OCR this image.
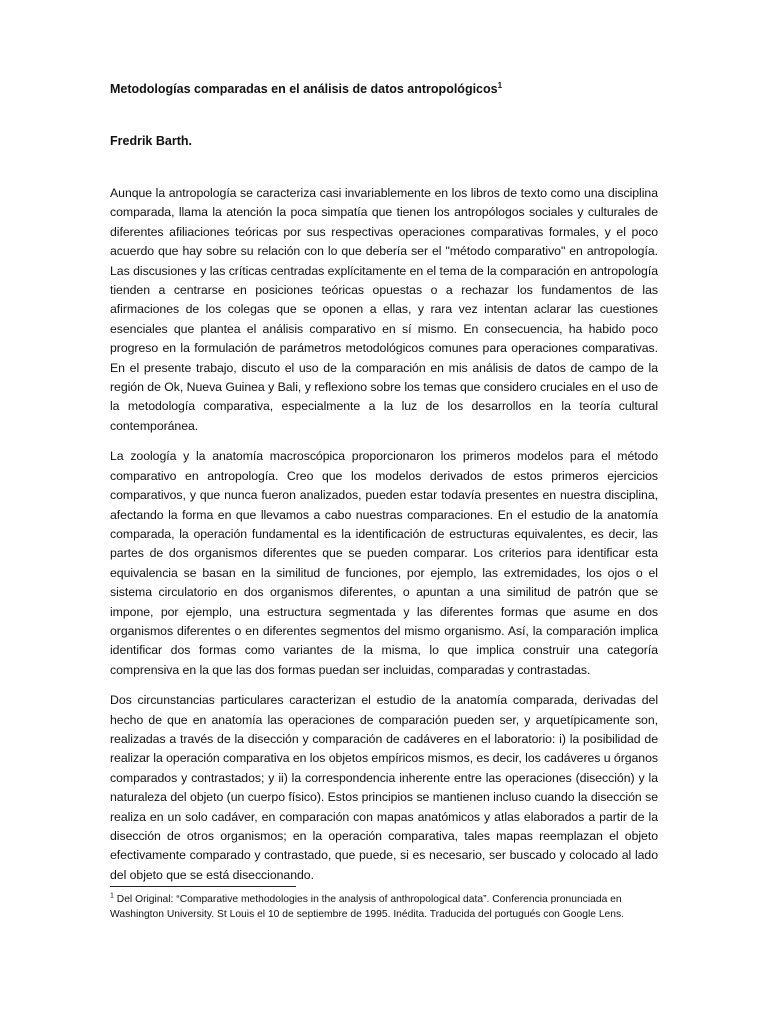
Metodologías comparadas en el análisis de datos antropológicos$^1$

Fredrik Barth.

Aunque la antropología se caracteriza casi invariablemente en los libros de texto como una disciplina comparada, llama la atención la poca simpatía que tienen los antropólogos sociales y culturales de diferentes afiliaciones teóricas por sus respectivas operaciones comparativas formales, y el poco acuerdo que hay sobre su relación con lo que debería ser el "método comparativo" en antropología. Las discusiones y las críticas centradas explícitamente en el tema de la comparación en antropología tienden a centrarse en posiciones teóricas opuestas o a rechazar los fundamentos de las afirmaciones de los colegas que se oponen a ellas, y rara vez intentan aclarar las cuestiones esenciales que plantea el análisis comparativo en sí mismo. En consecuencia, ha habido poco progreso en la formulación de parámetros metodológicos comunes para operaciones comparativas. En el presente trabajo, discuto el uso de la comparación en mis análisis de datos de campo de la región de Ok, Nueva Guinea y Bali, y reflexiono sobre los temas que considero cruciales en el uso de la metodología comparativa, especialmente a la luz de los desarrollos en la teoría cultural contemporánea.

La zoología y la anatomía macroscópica proporcionaron los primeros modelos para el método comparativo en antropología. Creo que los modelos derivados de estos primeros ejercicios comparativos, y que nunca fueron analizados, pueden estar todavía presentes en nuestra disciplina, afectando la forma en que llevamos a cabo nuestras comparaciones. En el estudio de la anatomía comparada, la operación fundamental es la identificación de estructuras equivalentes, es decir, las partes de dos organismos diferentes que se pueden comparar. Los criterios para identificar esta equivalencia se basan en la similitud de funciones, por ejemplo, las extremidades, los ojos o el sistema circulatorio en dos organismos diferentes, o apuntan a una similitud de patrón que se impone, por ejemplo, una estructura segmentada y las diferentes formas que asume en dos organismos diferentes o en diferentes segmentos del mismo organismo. Así, la comparación implica identificar dos formas como variantes de la misma, lo que implica construir una categoría comprensiva en la que las dos formas puedan ser incluidas, comparadas y contrastadas.

Dos circunstancias particulares caracterizan el estudio de la anatomía comparada, derivadas del hecho de que en anatomía las operaciones de comparación pueden ser, y arquetípicamente son, realizadas a través de la disección y comparación de cadáveres en el laboratorio: i) la posibilidad de realizar la operación comparativa en los objetos empíricos mismos, es decir, los cadáveres u órganos comparados y contrastados; y ii) la correspondencia inherente entre las operaciones (disección) y la naturaleza del objeto (un cuerpo físico). Estos principios se mantienen incluso cuando la disección se realiza en un solo cadáver, en comparación con mapas anatómicos y atlas elaborados a partir de la disección de otros organismos; en la operación comparativa, tales mapas reemplazan el objeto efectivamente comparado y contrastado, que puede, si es necesario, ser buscado y colocado al lado del objeto que se está diseccionando.

$^1$ Del Original: “Comparative methodologies in the analysis of anthropological data”. Conferencia pronunciada en Washington University. St Louis el 10 de septiembre de 1995. Inédita. Traducida del portugués con Google Lens.
